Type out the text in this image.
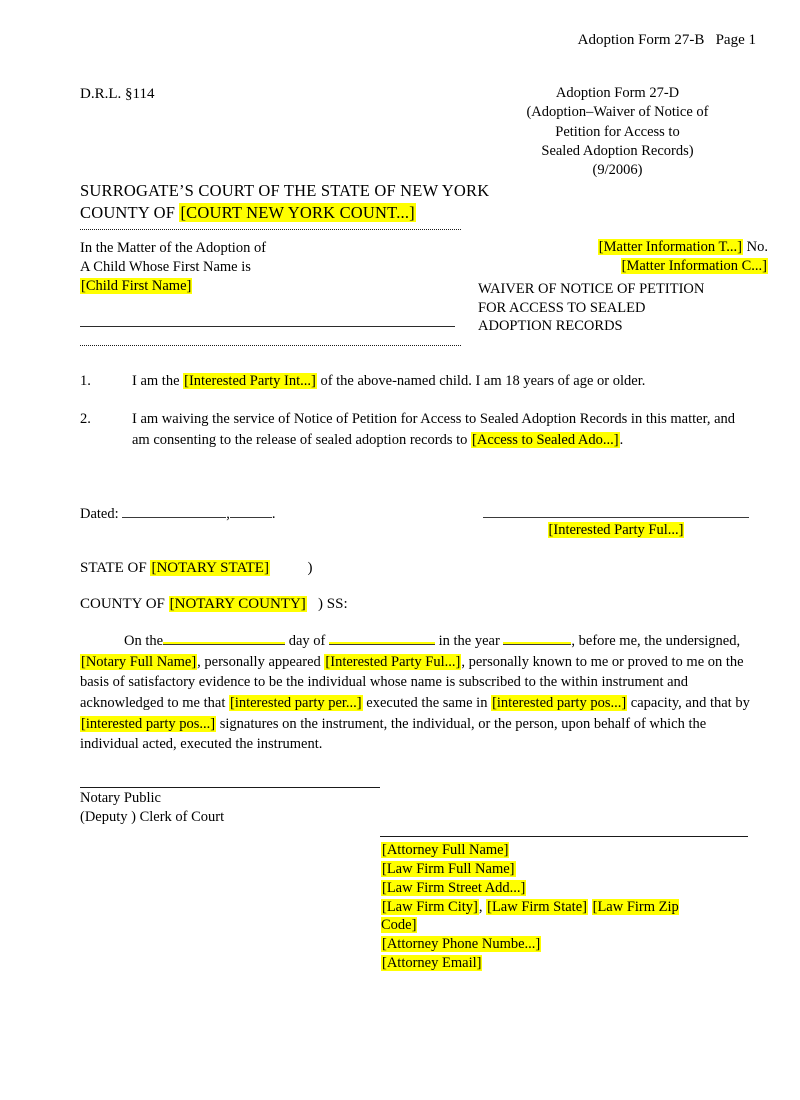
Adoption Form 27-B   Page 1
D.R.L. §114	Adoption Form 27-D
(Adoption–Waiver of Notice of
Petition for Access to
Sealed Adoption Records)
(9/2006)
SURROGATE’S COURT OF THE STATE OF NEW YORK
COUNTY OF [COURT NEW YORK COUNT...]
In the Matter of the Adoption of
A Child Whose First Name is
[Child First Name]
[Matter Information T...] No.
[Matter Information C...]
WAIVER OF NOTICE OF PETITION
FOR ACCESS TO SEALED
ADOPTION RECORDS
1.	I am the [Interested Party Int...] of the above-named child. I am 18 years of age or older.
2.	I am waiving the service of Notice of Petition for Access to Sealed Adoption Records in this matter, and am consenting to the release of sealed adoption records to [Access to Sealed Ado...].
Dated:	,	.
[Interested Party Ful...]
STATE OF [NOTARY STATE]          )
COUNTY OF [NOTARY COUNTY]   ) SS:
On the	day of	in the year	, before me, the undersigned, [Notary Full Name], personally appeared [Interested Party Ful...], personally known to me or proved to me on the basis of satisfactory evidence to be the individual whose name is subscribed to the within instrument and acknowledged to me that [interested party per...] executed the same in [interested party pos...] capacity, and that by [interested party pos...] signatures on the instrument, the individual, or the person, upon behalf of which the individual acted, executed the instrument.
Notary Public
(Deputy ) Clerk of Court
[Attorney Full Name]
[Law Firm Full Name]
[Law Firm Street Add...]
[Law Firm City], [Law Firm State] [Law Firm Zip Code]
[Attorney Phone Numbe...]
[Attorney Email]
